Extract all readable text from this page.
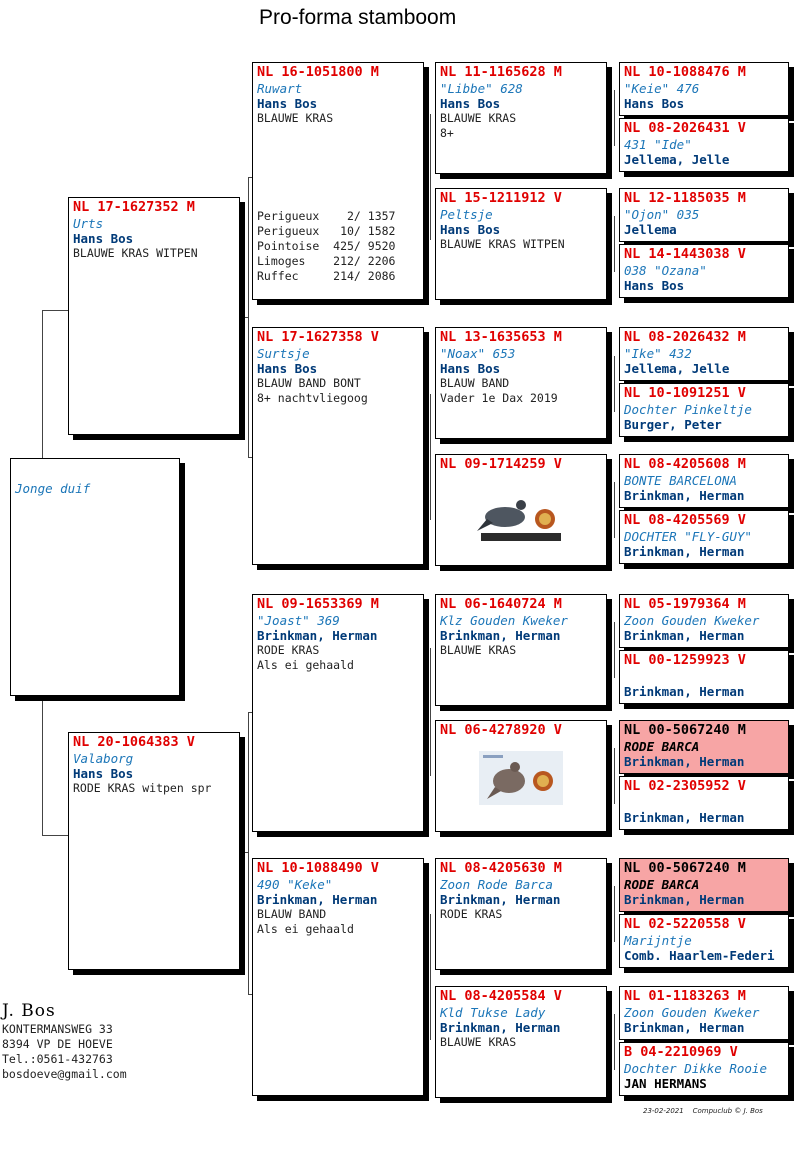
Pro-forma stamboom
Jonge duif
NL 17-1627352 M
Urts
Hans Bos
BLAUWE KRAS WITPEN
NL 20-1064383 V
Valaborg
Hans Bos
RODE KRAS witpen spr
NL 16-1051800 M
Ruwart
Hans Bos
BLAUWE KRAS
Perigueux    2/ 1357
Perigueux   10/ 1582
Pointoise  425/ 9520
Limoges    212/ 2206
Ruffec     214/ 2086
NL 17-1627358 V
Surtsje
Hans Bos
BLAUW BAND BONT
8+ nachtvliegoog
NL 09-1653369 M
"Joast" 369
Brinkman, Herman
RODE KRAS
Als ei gehaald
NL 10-1088490 V
490 "Keke"
Brinkman, Herman
BLAUW BAND
Als ei gehaald
NL 11-1165628 M
"Libbe" 628
Hans Bos
BLAUWE KRAS
8+
NL 15-1211912 V
Peltsje
Hans Bos
BLAUWE KRAS WITPEN
NL 13-1635653 M
"Noax" 653
Hans Bos
BLAUW BAND
Vader 1e Dax 2019
NL 09-1714259 V
NL 06-1640724 M
Klz Gouden Kweker
Brinkman, Herman
BLAUWE KRAS
NL 06-4278920 V
NL 08-4205630 M
Zoon Rode Barca
Brinkman, Herman
RODE KRAS
NL 08-4205584 V
Kld Tukse Lady
Brinkman, Herman
BLAUWE KRAS
NL 10-1088476 M
"Keie" 476
Hans Bos
NL 08-2026431 V
431 "Ide"
Jellema, Jelle
NL 12-1185035 M
"Ojon" 035
Jellema
NL 14-1443038 V
038 "Ozana"
Hans Bos
NL 08-2026432 M
"Ike" 432
Jellema, Jelle
NL 10-1091251 V
Dochter Pinkeltje
Burger, Peter
NL 08-4205608 M
BONTE BARCELONA
Brinkman, Herman
NL 08-4205569 V
DOCHTER "FLY-GUY"
Brinkman, Herman
NL 05-1979364 M
Zoon Gouden Kweker
Brinkman, Herman
NL 00-1259923 V
Brinkman, Herman
NL 00-5067240 M
RODE BARCA
Brinkman, Herman
NL 02-2305952 V
Brinkman, Herman
NL 00-5067240 M
RODE BARCA
Brinkman, Herman
NL 02-5220558 V
Marijntje
Comb. Haarlem-Federi
NL 01-1183263 M
Zoon Gouden Kweker
Brinkman, Herman
B 04-2210969 V
Dochter Dikke Rooie
JAN HERMANS
J. Bos
KONTERMANSWEG 33
8394 VP DE HOEVE
Tel.:0561-432763
bosdoeve@gmail.com
23-02-2021    Compuclub © J. Bos
